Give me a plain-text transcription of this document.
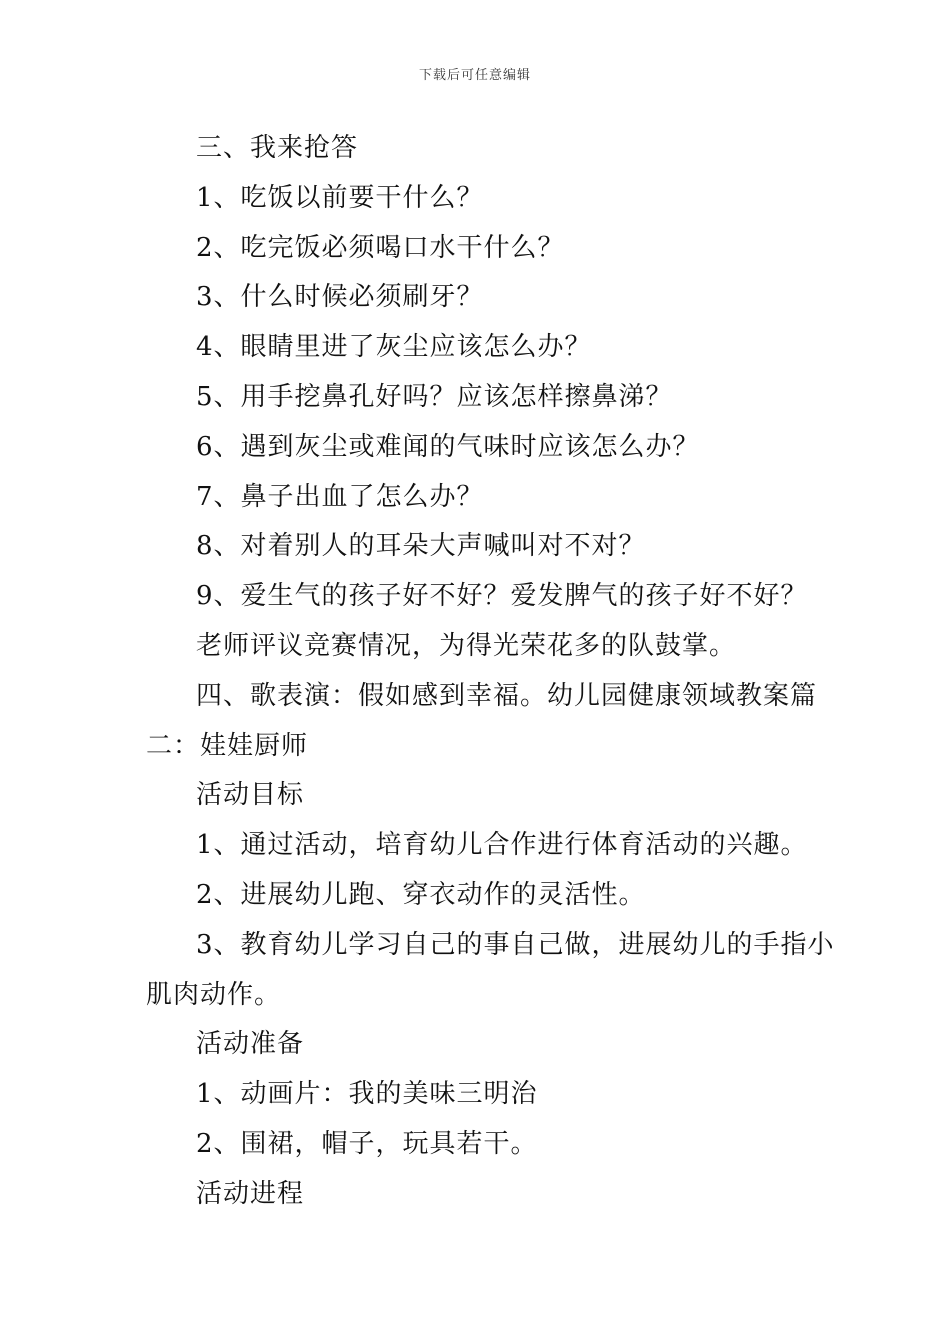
下载后可任意编辑
三、我来抢答
1、吃饭以前要干什么？
2、吃完饭必须喝口水干什么？
3、什么时候必须刷牙？
4、眼睛里进了灰尘应该怎么办？
5、用手挖鼻孔好吗？应该怎样擦鼻涕？
6、遇到灰尘或难闻的气味时应该怎么办？
7、鼻子出血了怎么办？
8、对着别人的耳朵大声喊叫对不对？
9、爱生气的孩子好不好？爱发脾气的孩子好不好？
老师评议竞赛情况，为得光荣花多的队鼓掌。
四、歌表演：假如感到幸福。幼儿园健康领域教案篇
二：娃娃厨师
活动目标
1、通过活动，培育幼儿合作进行体育活动的兴趣。
2、进展幼儿跑、穿衣动作的灵活性。
3、教育幼儿学习自己的事自己做，进展幼儿的手指小
肌肉动作。
活动准备
1、动画片：我的美味三明治
2、围裙，帽子，玩具若干。
活动进程
